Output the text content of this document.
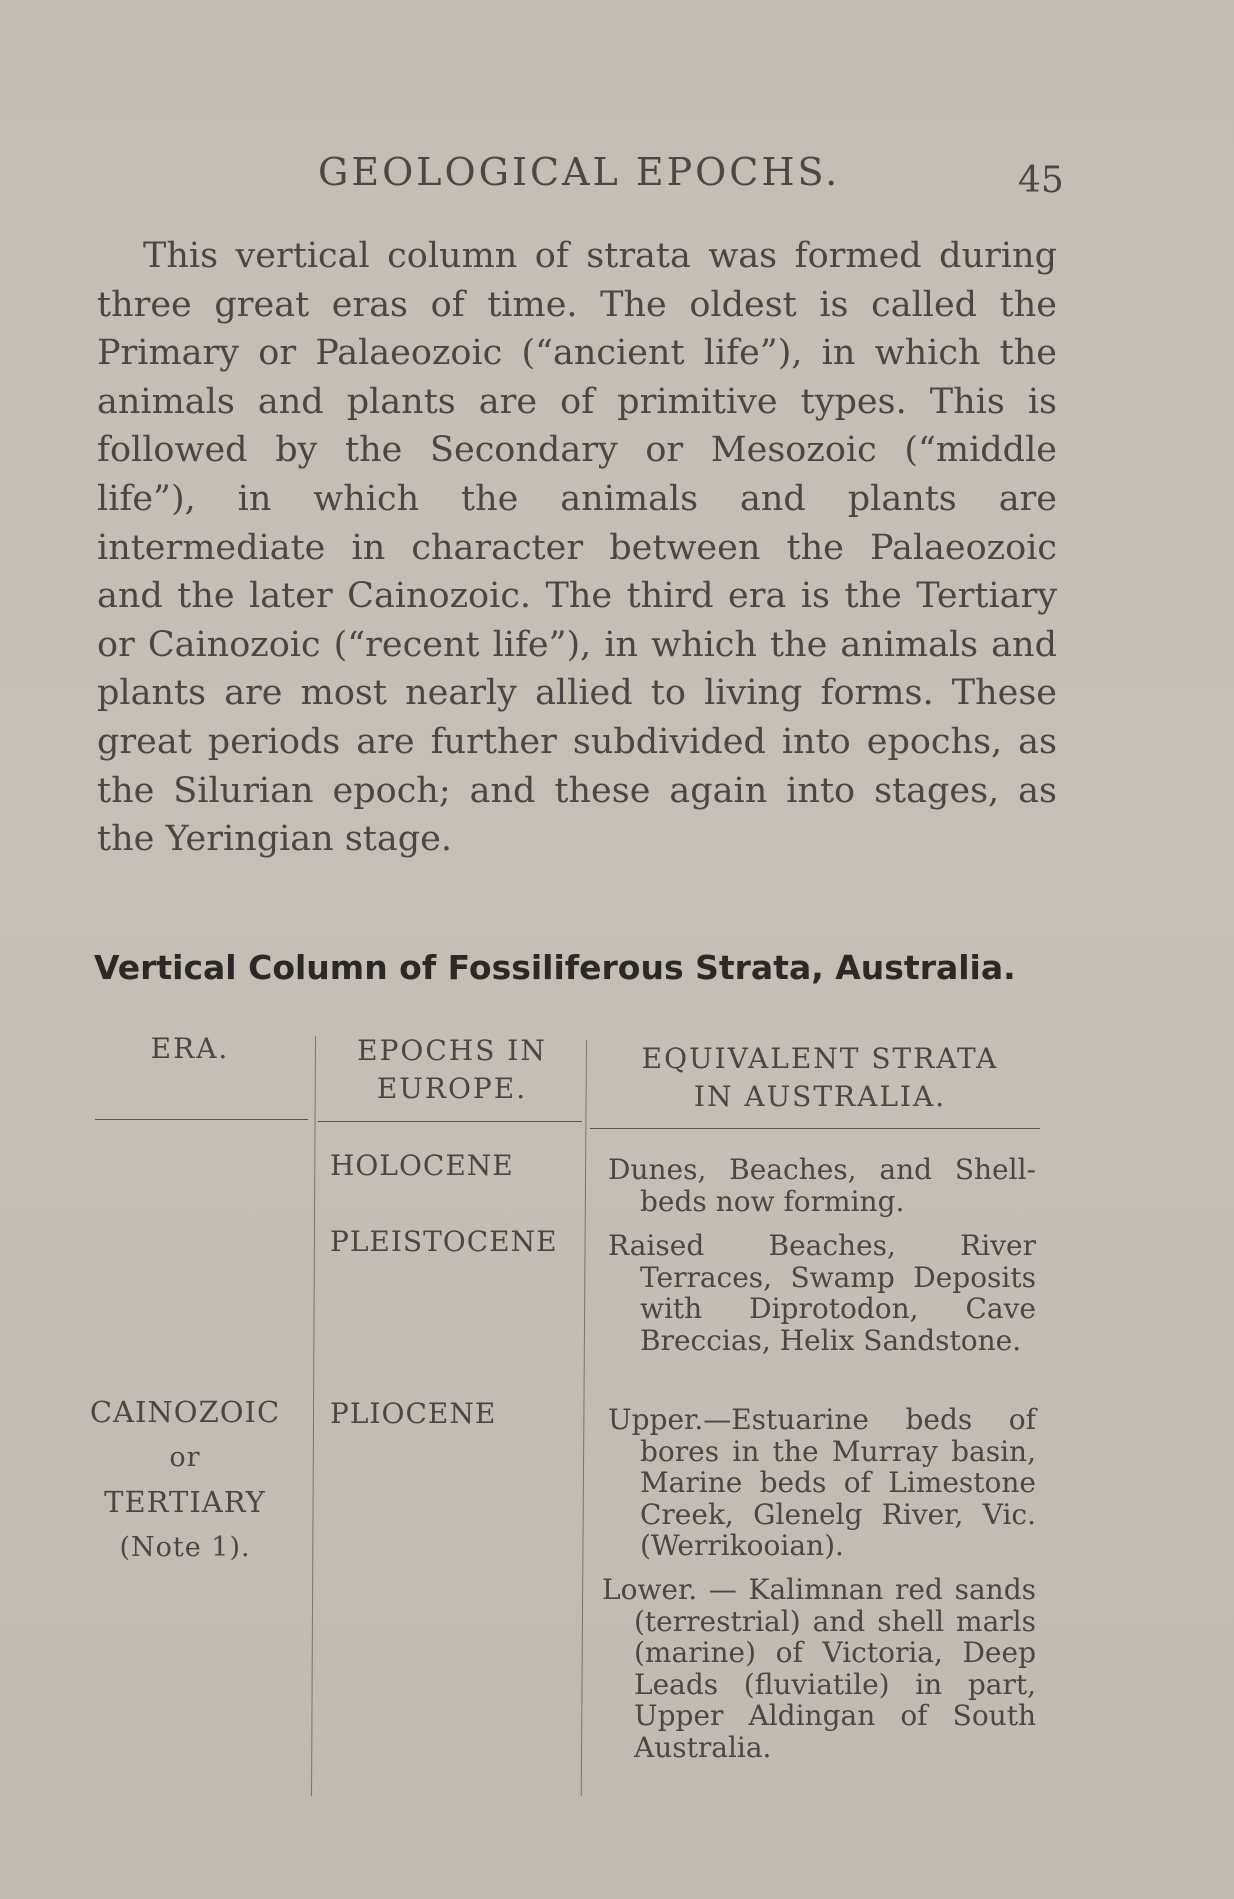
GEOLOGICAL EPOCHS.	45

This vertical column of strata was formed during three great eras of time. The oldest is called the Primary or Palaeozoic (“ancient life”), in which the animals and plants are of primitive types. This is followed by the Secondary or Mesozoic (“middle life”), in which the animals and plants are intermediate in character between the Palaeozoic and the later Cainozoic. The third era is the Tertiary or Cainozoic (“recent life”), in which the animals and plants are most nearly allied to living forms. These great periods are further subdivided into epochs, as the Silurian epoch; and these again into stages, as the Yeringian stage.

Vertical Column of Fossiliferous Strata, Australia.
ERA.	EPOCHS IN
EUROPE.
EQUIVALENT STRATA
IN AUSTRALIA.
CAINOZOIC
or
TERTIARY
(Note 1).
HOLOCENE
PLEISTOCENE
PLIOCENE

Dunes, Beaches, and Shell-beds now forming.

Raised Beaches, River Terraces, Swamp Deposits with Diprotodon, Cave Breccias, Helix Sandstone.

Upper.—Estuarine beds of bores in the Murray basin, Marine beds of Limestone Creek, Glenelg River, Vic. (Werrikooian).

Lower. — Kalimnan red sands (terrestrial) and shell marls (marine) of Victoria, Deep Leads (fluviatile) in part, Upper Aldingan of South Australia.
